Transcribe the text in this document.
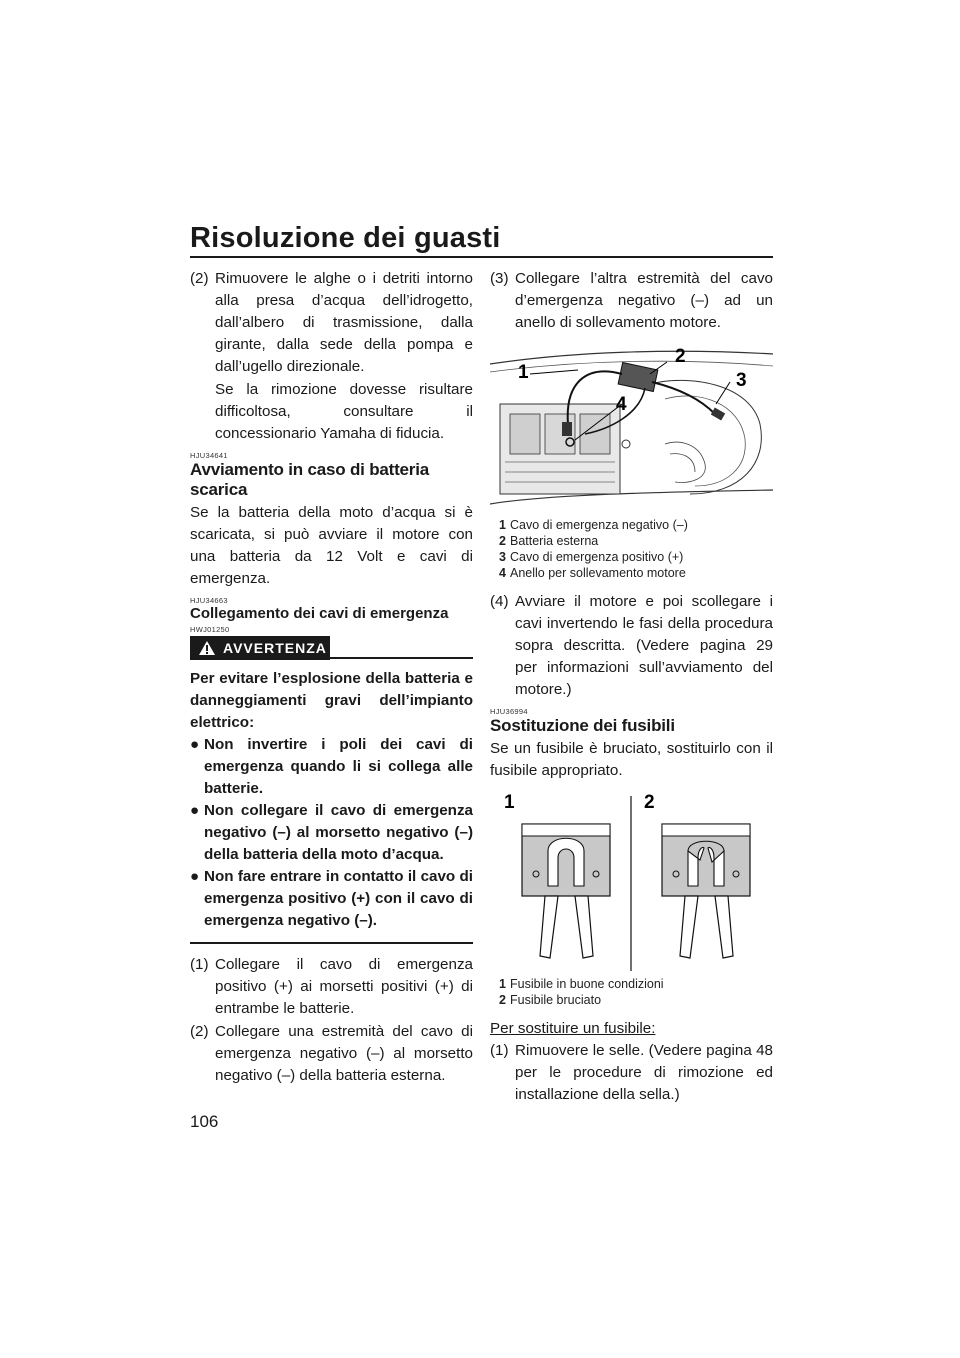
Risoluzione dei guasti

(2) Rimuovere le alghe o i detriti intorno alla presa d’acqua dell’idrogetto, dall’albero di trasmissione, dalla girante, dalla sede della pompa e dall’ugello direzionale.

Se la rimozione dovesse risultare difficoltosa, consultare il concessionario Yamaha di fiducia.

HJU34641
Avviamento in caso di batteria scarica

Se la batteria della moto d’acqua si è scaricata, si può avviare il motore con una batteria da 12 Volt e cavi di emergenza.

HJU34663
Collegamento dei cavi di emergenza
HWJ01250
AVVERTENZA

Per evitare l’esplosione della batteria e danneggiamenti gravi dell’impianto elettrico:

● Non invertire i poli dei cavi di emergenza quando li si collega alle batterie.

● Non collegare il cavo di emergenza negativo (–) al morsetto negativo (–) della batteria della moto d’acqua.

● Non fare entrare in contatto il cavo di emergenza positivo (+) con il cavo di emergenza negativo (–).

(1) Collegare il cavo di emergenza positivo (+) ai morsetti positivi (+) di entrambe le batterie.

(2) Collegare una estremità del cavo di emergenza negativo (–) al morsetto negativo (–) della batteria esterna.

(3) Collegare l’altra estremità del cavo d’emergenza negativo (–) ad un anello di sollevamento motore.

1
2
3
4
1 Cavo di emergenza negativo (–)
2 Batteria esterna
3 Cavo di emergenza positivo (+)
4 Anello per sollevamento motore

(4) Avviare il motore e poi scollegare i cavi invertendo le fasi della procedura sopra descritta. (Vedere pagina 29 per informazioni sull’avviamento del motore.)

HJU36994
Sostituzione dei fusibili

Se un fusibile è bruciato, sostituirlo con il fusibile appropriato.

1	2
1 Fusibile in buone condizioni
2 Fusibile bruciato

Per sostituire un fusibile:

(1) Rimuovere le selle. (Vedere pagina 48 per le procedure di rimozione ed installazione della sella.)

106
